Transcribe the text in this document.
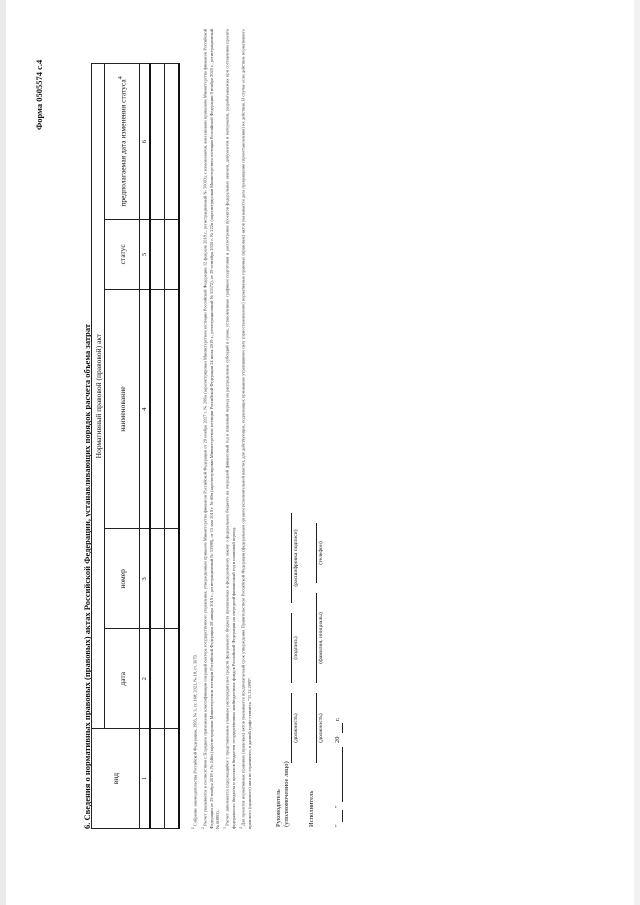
Форма 0505574 с.4
6. Сведения о нормативных правовых (правовых) актах Российской Федерации, устанавливающих порядок расчета объема затрат	вид	Нормативный правовой (правовой) акт				
	дата	номер	наименование	статус	предполагаемая дата изменения статуса$^4$
1	2	3	4	5	6

$^1$ Собрание законодательства Российской Федерации, 1995, № 3, ст. 168; 2021, № 18, ст. 3079.

$^2$ Расчет указывается в соответствии с Порядком применения классификации операций сектора государственного управления, утвержденным приказом Министерства финансов Российской Федерации от 29 ноября 2017 г. № 209н (зарегистрирован Министерством юстиции Российской Федерации 12 февраля 2018 г., регистрационный № 50003), с изменениями, внесенными приказами Министерства финансов Российской Федерации от 29 ноября 2018 г. № 246н (зарегистрирован Министерством юстиции Российской Федерации 28 января 2019 г., регистрационный № 53588), от 13 мая 2019 г. № 69н (зарегистрирован Министерством юстиции Российской Федерации 24 июля 2019 г., регистрационный № 55372), от 29 сентября 2020 г. № 222н (зарегистрирован Министерством юстиции Российской Федерации 9 ноября 2020 г., регистрационный № 60803). $^3$ Расчет заполняется содержащийся с представлением главным распорядителем средств федерального бюджета прилагаемых к федеральному закону о федеральном бюджете на очередной финансовый год и плановый период на распределение субсидий в сроки, установленные графиком подготовки и рассмотрения проектов федеральных законов, документов и материалов, разрабатываемых при составлении проекта федерального бюджета и проектов бюджетов государственных внебюджетных фондов Российской Федерации на очередной финансовый год и плановый период. $^4$ Для проектов нормативных правовых (правовых) актов указывается предполагаемый срок утверждения Правительством Российской Федерации (федеральным органом исполнительной власти), для действующих, подлежащих признанию утратившими силу (приостановлению) нормативных правовых (правовых) актов указывается дата прекращения (приостановления) их действия. В случае если действие нормативного правового (правового) акта не ограничено, в данной графе ставится "31.12.2099".	Руководитель (уполномоченное лицо)
(должность)
(подпись)
(расшифровка подписи)
Исполнитель
(должность)
(фамилия, инициалы)
(телефон)
"
"
20
г.
